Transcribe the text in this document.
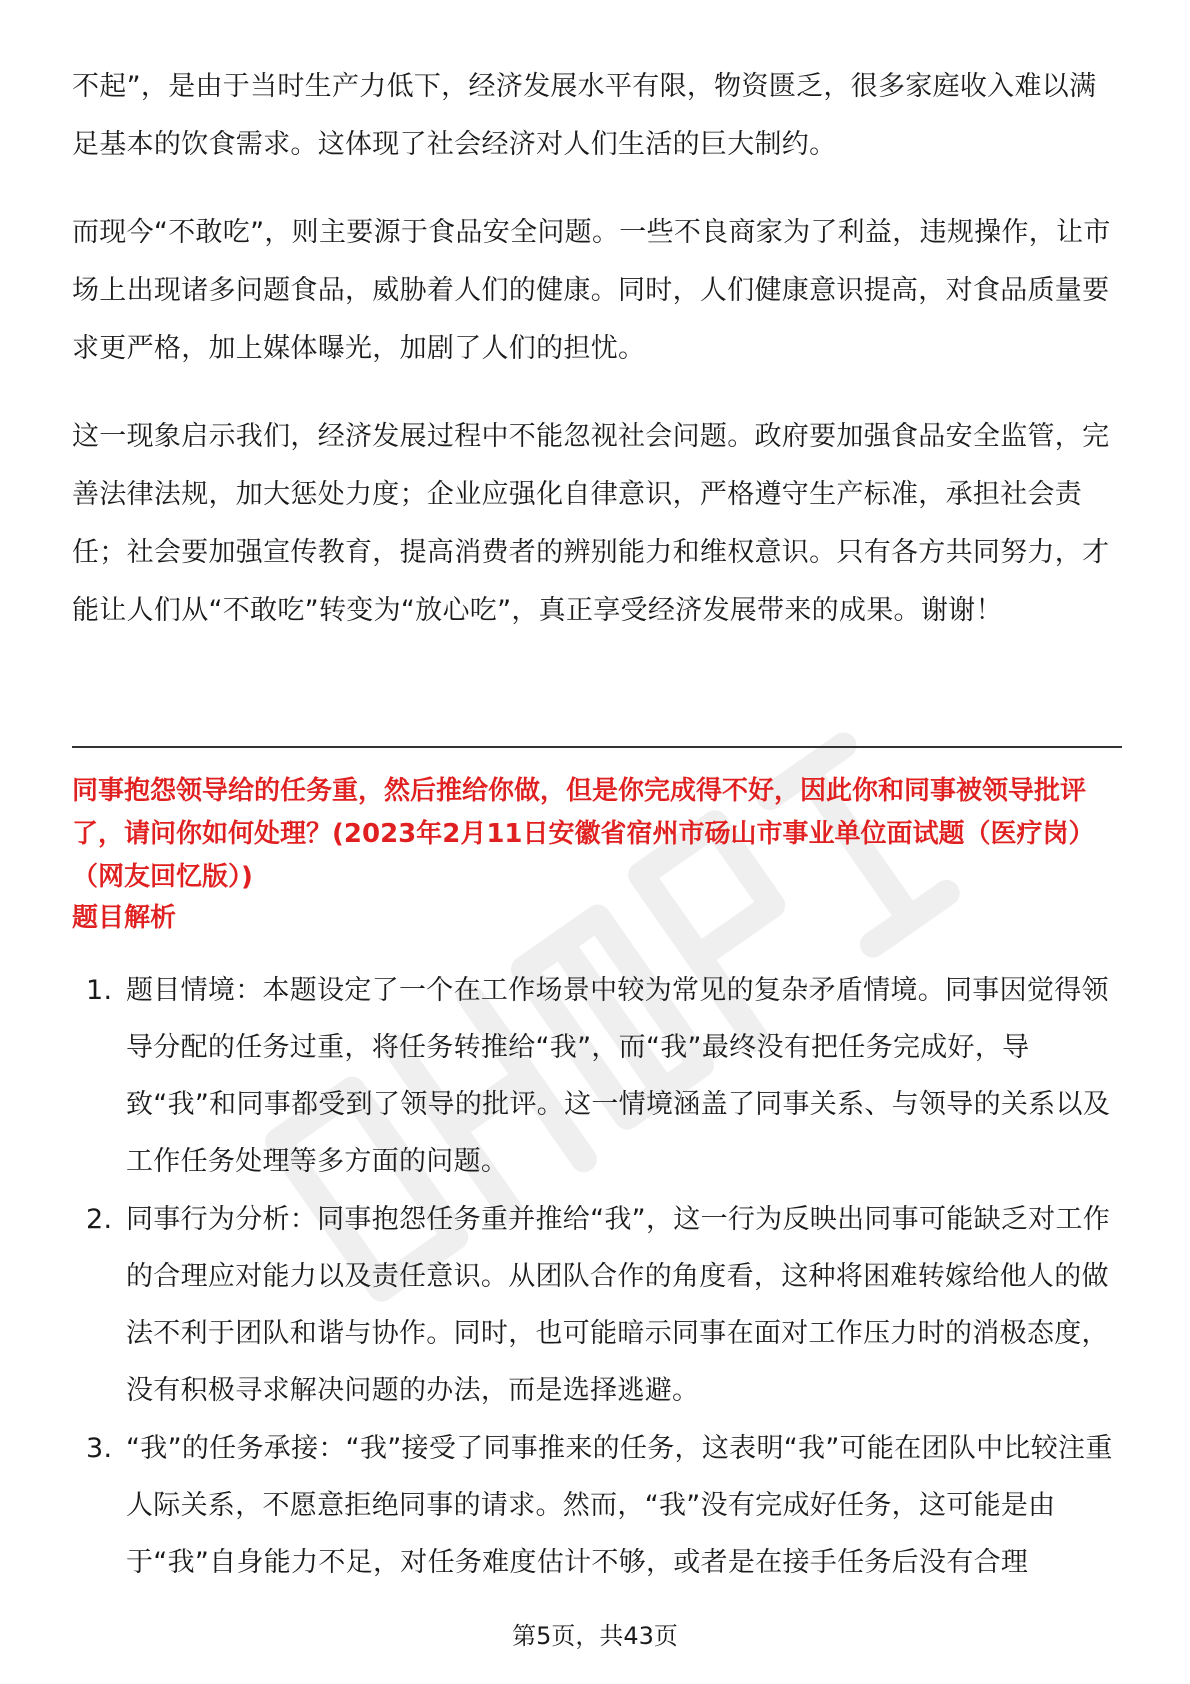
不起”，是由于当时生产力低下，经济发展水平有限，物资匮乏，很多家庭收入难以满足基本的饮食需求。这体现了社会经济对人们生活的巨大制约。

而现今“不敢吃”，则主要源于食品安全问题。一些不良商家为了利益，违规操作，让市场上出现诸多问题食品，威胁着人们的健康。同时，人们健康意识提高，对食品质量要求更严格，加上媒体曝光，加剧了人们的担忧。

这一现象启示我们，经济发展过程中不能忽视社会问题。政府要加强食品安全监管，完善法律法规，加大惩处力度；企业应强化自律意识，严格遵守生产标准，承担社会责任；社会要加强宣传教育，提高消费者的辨别能力和维权意识。只有各方共同努力，才能让人们从“不敢吃”转变为“放心吃”，真正享受经济发展带来的成果。谢谢！

同事抱怨领导给的任务重，然后推给你做，但是你完成得不好，因此你和同事被领导批评了，请问你如何处理？(2023年2月11日安徽省宿州市砀山市事业单位面试题（医疗岗）（网友回忆版）)

题目解析

1. 题目情境：本题设定了一个在工作场景中较为常见的复杂矛盾情境。同事因觉得领导分配的任务过重，将任务转推给“我”，而“我”最终没有把任务完成好，导致“我”和同事都受到了领导的批评。这一情境涵盖了同事关系、与领导的关系以及工作任务处理等多方面的问题。
2. 同事行为分析：同事抱怨任务重并推给“我”，这一行为反映出同事可能缺乏对工作的合理应对能力以及责任意识。从团队合作的角度看，这种将困难转嫁给他人的做法不利于团队和谐与协作。同时，也可能暗示同事在面对工作压力时的消极态度，没有积极寻求解决问题的办法，而是选择逃避。
3. “我”的任务承接：“我”接受了同事推来的任务，这表明“我”可能在团队中比较注重人际关系，不愿意拒绝同事的请求。然而，“我”没有完成好任务，这可能是由于“我”自身能力不足，对任务难度估计不够，或者是在接手任务后没有合理
第5页，共43页
